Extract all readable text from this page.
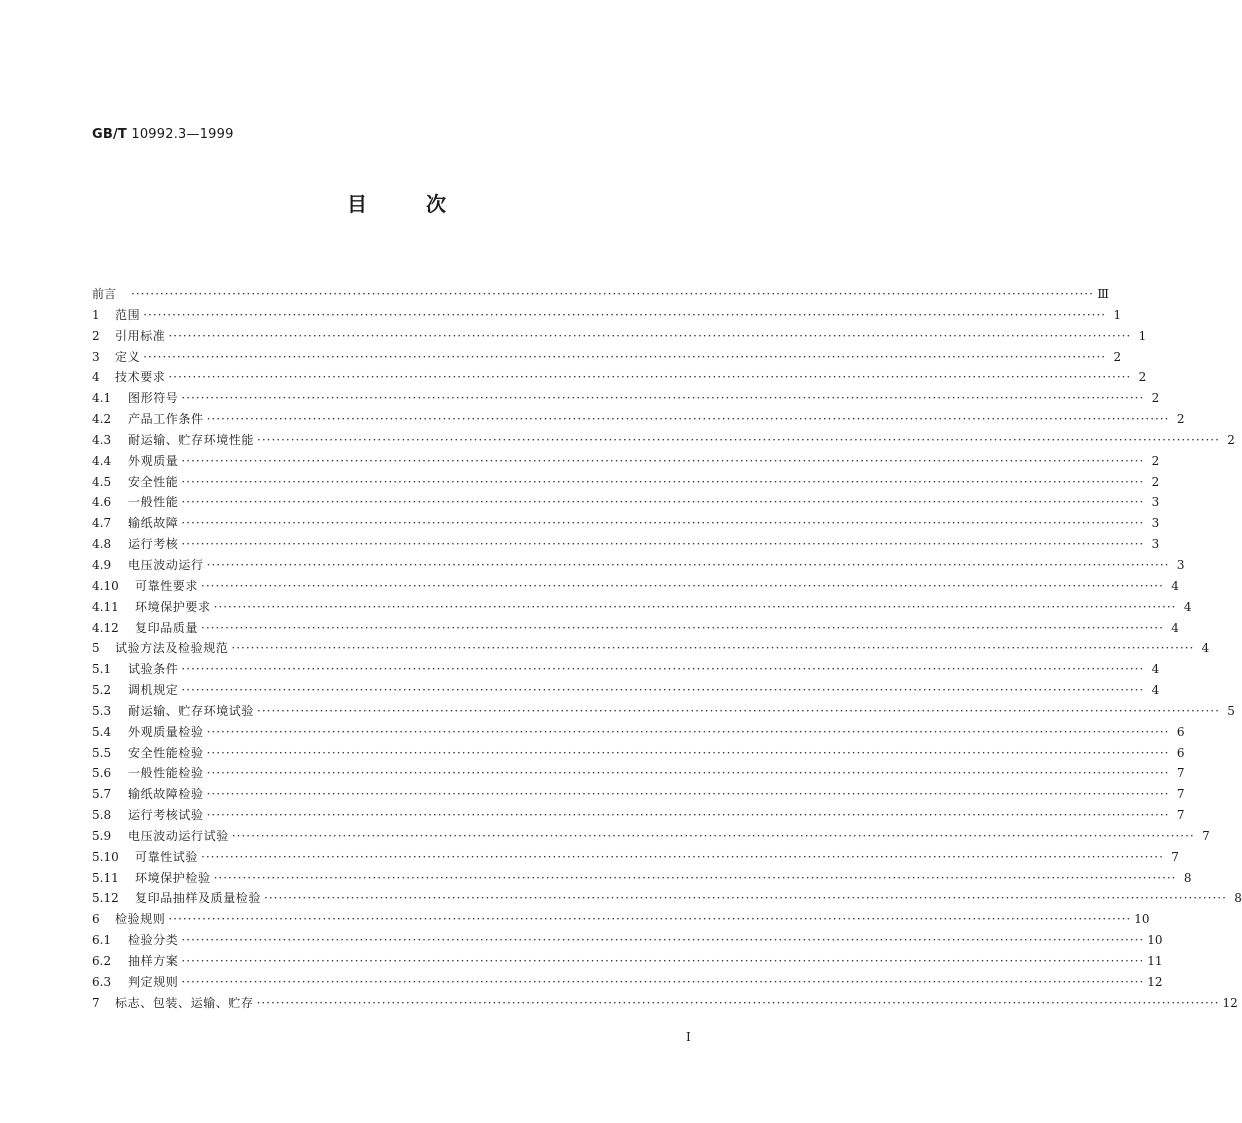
GB/T 10992.3—1999
目	次
前言	········································································································································································································ Ⅲ
1	范围 ········································································································································································································ 1
2	引用标准 ········································································································································································································ 1
3	定义 ········································································································································································································ 2
4	技术要求 ········································································································································································································ 2
4.1	图形符号 ········································································································································································································ 2
4.2	产品工作条件 ········································································································································································································ 2
4.3	耐运输、贮存环境性能 ········································································································································································································ 2
4.4	外观质量 ········································································································································································································ 2
4.5	安全性能 ········································································································································································································ 2
4.6	一般性能 ········································································································································································································ 3
4.7	输纸故障 ········································································································································································································ 3
4.8	运行考核 ········································································································································································································ 3
4.9	电压波动运行 ········································································································································································································ 3
4.10	可靠性要求 ········································································································································································································ 4
4.11	环境保护要求 ········································································································································································································ 4
4.12	复印品质量 ········································································································································································································ 4
5	试验方法及检验规范 ········································································································································································································ 4
5.1	试验条件 ········································································································································································································ 4
5.2	调机规定 ········································································································································································································ 4
5.3	耐运输、贮存环境试验 ········································································································································································································ 5
5.4	外观质量检验 ········································································································································································································ 6
5.5	安全性能检验 ········································································································································································································ 6
5.6	一般性能检验 ········································································································································································································ 7
5.7	输纸故障检验 ········································································································································································································ 7
5.8	运行考核试验 ········································································································································································································ 7
5.9	电压波动运行试验 ········································································································································································································ 7
5.10	可靠性试验 ········································································································································································································ 7
5.11	环境保护检验 ········································································································································································································ 8
5.12	复印品抽样及质量检验 ········································································································································································································ 8
6	检验规则 ········································································································································································································ 10
6.1	检验分类 ········································································································································································································ 10
6.2	抽样方案 ········································································································································································································ 11
6.3	判定规则 ········································································································································································································ 12
7	标志、包装、运输、贮存 ········································································································································································································ 12
I
